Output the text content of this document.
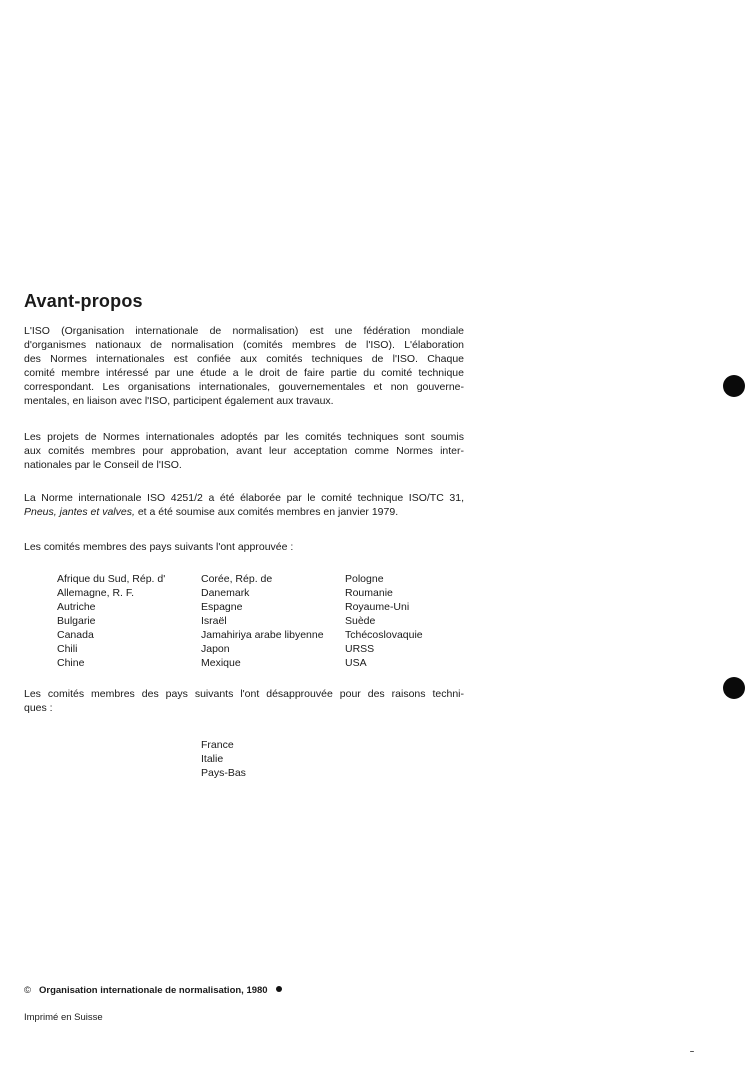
Avant-propos

L'ISO (Organisation internationale de normalisation) est une fédération mondiale
d'organismes nationaux de normalisation (comités membres de l'ISO). L'élaboration
des Normes internationales est confiée aux comités techniques de l'ISO. Chaque
comité membre intéressé par une étude a le droit de faire partie du comité technique
correspondant. Les organisations internationales, gouvernementales et non gouverne-
mentales, en liaison avec l'ISO, participent également aux travaux.

Les projets de Normes internationales adoptés par les comités techniques sont soumis
aux comités membres pour approbation, avant leur acceptation comme Normes inter-
nationales par le Conseil de l'ISO.

La Norme internationale ISO 4251/2 a été élaborée par le comité technique ISO/TC 31,
Pneus, jantes et valves, et a été soumise aux comités membres en janvier 1979.

Les comités membres des pays suivants l'ont approuvée :

Afrique du Sud, Rép. d'
Allemagne, R. F.
Autriche
Bulgarie
Canada
Chili
Chine
Corée, Rép. de
Danemark
Espagne
Israël
Jamahiriya arabe libyenne
Japon
Mexique
Pologne
Roumanie
Royaume-Uni
Suède
Tchécoslovaquie
URSS
USA

Les comités membres des pays suivants l'ont désapprouvée pour des raisons techni-
ques :

France
Italie
Pays-Bas
© Organisation internationale de normalisation, 1980
Imprimé en Suisse
